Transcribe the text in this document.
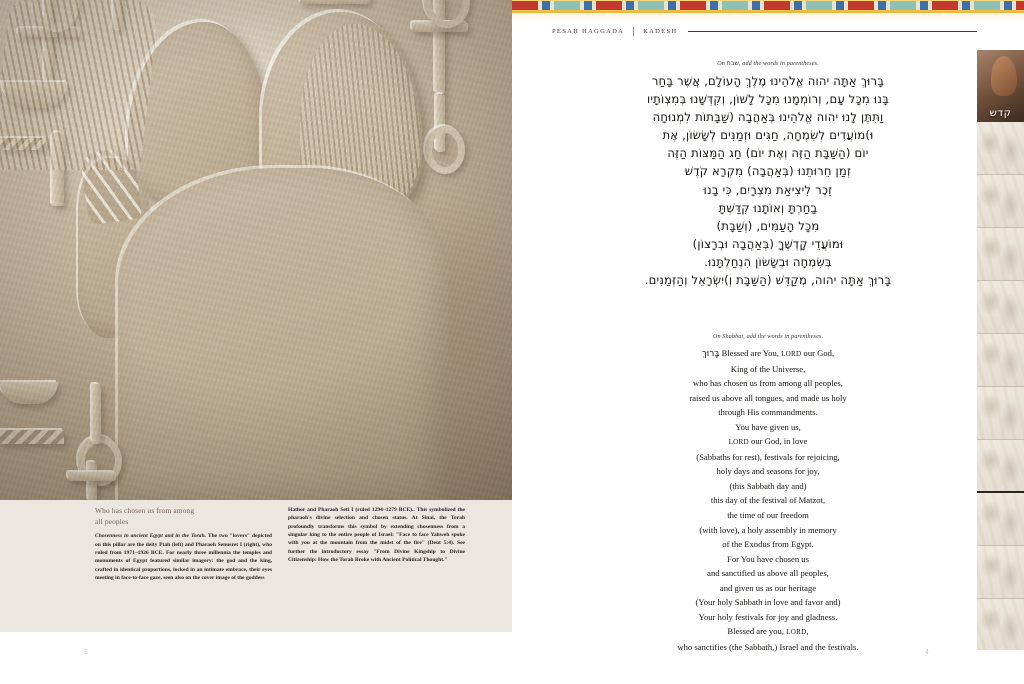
Who has chosen us from among
all peoples
Chosenness in ancient Egypt and in the Torah. The two "lovers" depicted on this pillar are the deity Ptah (left) and Pharaoh Senusret I (right), who ruled from 1971–1926 BCE. For nearly three millennia the temples and monuments of Egypt featured similar imagery: the god and the king, crafted in identical proportions, locked in an intimate embrace, their eyes meeting in face-to-face gaze, seen also on the cover image of the goddess
Hathor and Pharaoh Seti I (ruled 1294–1279 BCE).. This symbolized the pharaoh's divine selection and chosen status. At Sinai, the Torah profoundly transforms this symbol by extending chosenness from a singular king to the entire people of Israel: "Face to face Yahweh spoke with you at the mountain from the midst of the fire" (Deut 5:4). See further the introductory essay "From Divine Kingship to Divine Citizenship: How the Torah Broke with Ancient Political Thought."
5
PESAḤ HAGGADA	KADESH
On שבת, add the words in parentheses.
בָּרוּךְ אַתָּה יהוה אֱלֹהֵינוּ מֶלֶךְ הָעוֹלָם, אֲשֶׁר בָּחַר
בָּנוּ מִכָּל עָם, וְרוֹמְמָנוּ מִכָּל לָשׁוֹן, וְקִדְּשָׁנוּ בְּמִצְוֹתָיו
וַתִּתֶּן לָנוּ יהוה אֱלֹהֵינוּ בְּאַהֲבָה (שַׁבָּתוֹת לִמְנוּחָה
וּ)מוֹעֲדִים לְשִׂמְחָה, חַגִּים וּזְמַנִּים לְשָׂשׂוֹן, אֶת
יוֹם (הַשַּׁבָּת הַזֶּה וְאֶת יוֹם) חַג הַמַּצּוֹת הַזֶּה
זְמַן חֵרוּתֵנוּ (בְּאַהֲבָה) מִקְרָא קֹדֶשׁ
זֵכֶר לִיצִיאַת מִצְרָיִם, כִּי בָנוּ
בָחַרְתָּ וְאוֹתָנוּ קִדַּשְׁתָּ
מִכָּל הָעַמִּים, (וְשַׁבָּת)
וּמוֹעֲדֵי קָדְשֶׁךָ (בְּאַהֲבָה וּבְרָצוֹן)
בְּשִׂמְחָה וּבְשָׂשׂוֹן הִנְחַלְתָּנוּ.
בָּרוּךְ אַתָּה יהוה, מְקַדֵּשׁ (הַשַּׁבָּת וְ)יִשְׂרָאֵל וְהַזְּמַנִּים.
On Shabbat, add the words in parentheses.
בָּרוּךְ Blessed are You, LORD our God,
King of the Universe,
who has chosen us from among all peoples,
raised us above all tongues, and made us holy
through His commandments.
You have given us,
LORD our God, in love
(Sabbaths for rest), festivals for rejoicing,
holy days and seasons for joy,
(this Sabbath day and)
this day of the festival of Matzot,
the time of our freedom
(with love), a holy assembly in memory
of the Exodus from Egypt.
For You have chosen us
and sanctified us above all peoples,
and given us as our heritage
(Your holy Sabbath in love and favor and)
Your holy festivals for joy and gladness.
Blessed are you, LORD,
who sanctifies (the Sabbath,) Israel and the festivals.
4
קדש
